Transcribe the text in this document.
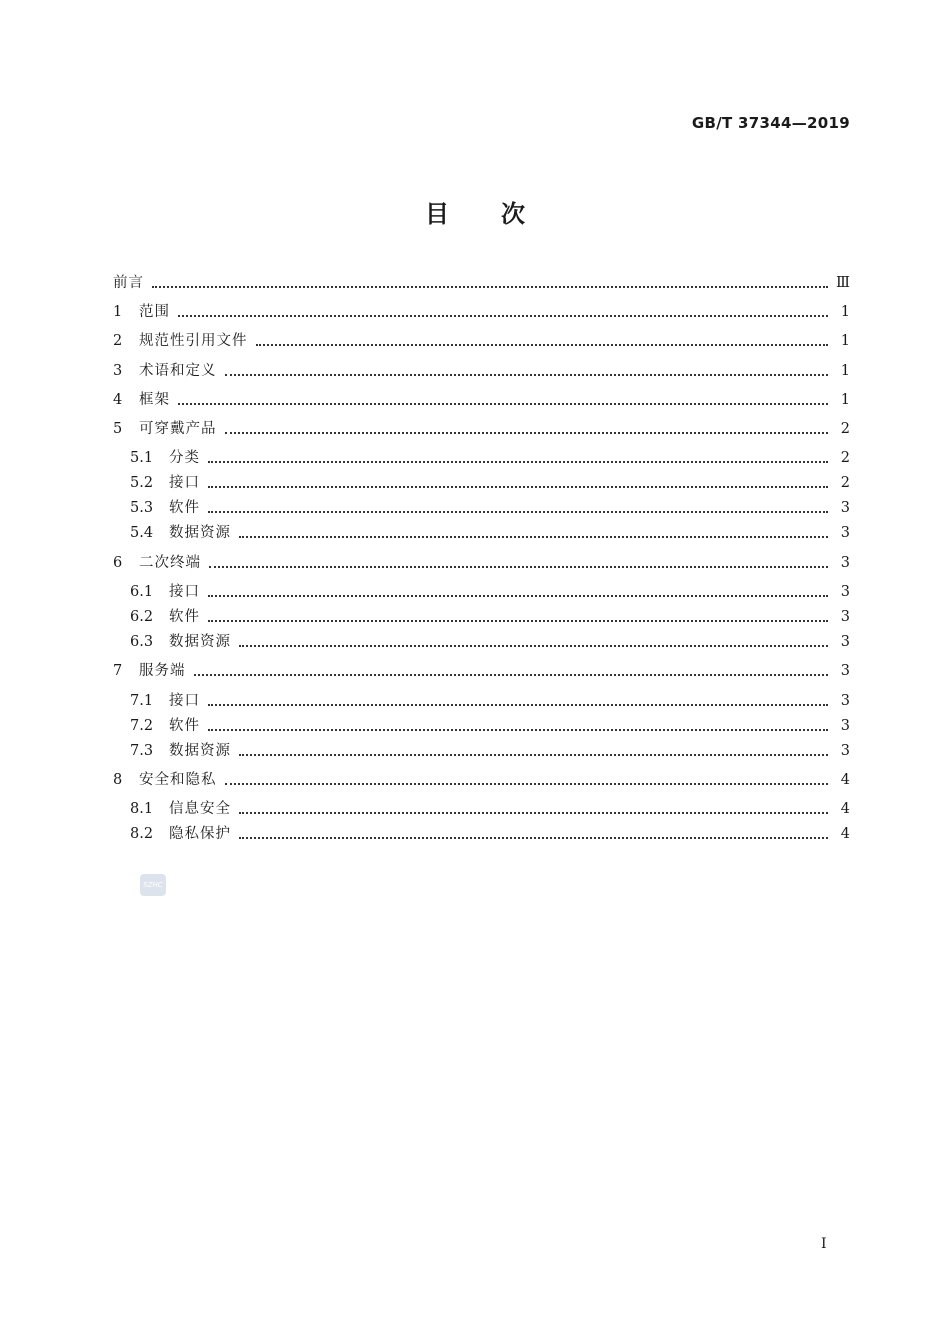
GB/T 37344—2019
目 次
前言	Ⅲ
1	范围	1
2	规范性引用文件	1
3	术语和定义	1
4	框架	1
5	可穿戴产品	2
5.1	分类	2
5.2	接口	2
5.3	软件	3
5.4	数据资源	3
6	二次终端	3
6.1	接口	3
6.2	软件	3
6.3	数据资源	3
7	服务端	3
7.1	接口	3
7.2	软件	3
7.3	数据资源	3
8	安全和隐私	4
8.1	信息安全	4
8.2	隐私保护	4
SZHC
I
